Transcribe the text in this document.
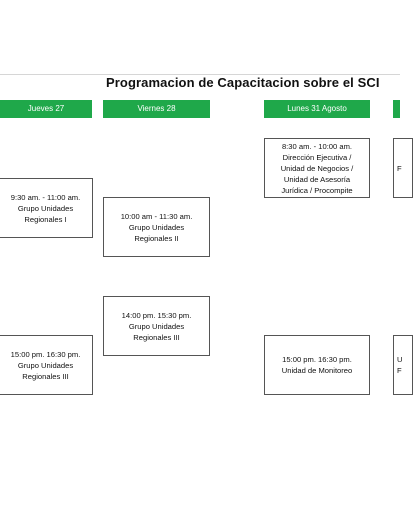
Programacion de Capacitacion sobre el SCI
Jueves 27	Viernes 28	Lunes 31 Agosto
9:30 am. - 11:00 am.
Grupo Unidades
Regionales I
15:00 pm. 16:30 pm.
Grupo Unidades
Regionales III
10:00 am - 11:30 am.
Grupo Unidades
Regionales II
14:00 pm. 15:30 pm.
Grupo Unidades
Regionales III
8:30 am. - 10:00 am.
Dirección Ejecutiva /
Unidad de Negocios /
Unidad de Asesoría
Jurídica / Procompite
15:00 pm. 16:30 pm.
Unidad de Monitoreo
F
U
F
